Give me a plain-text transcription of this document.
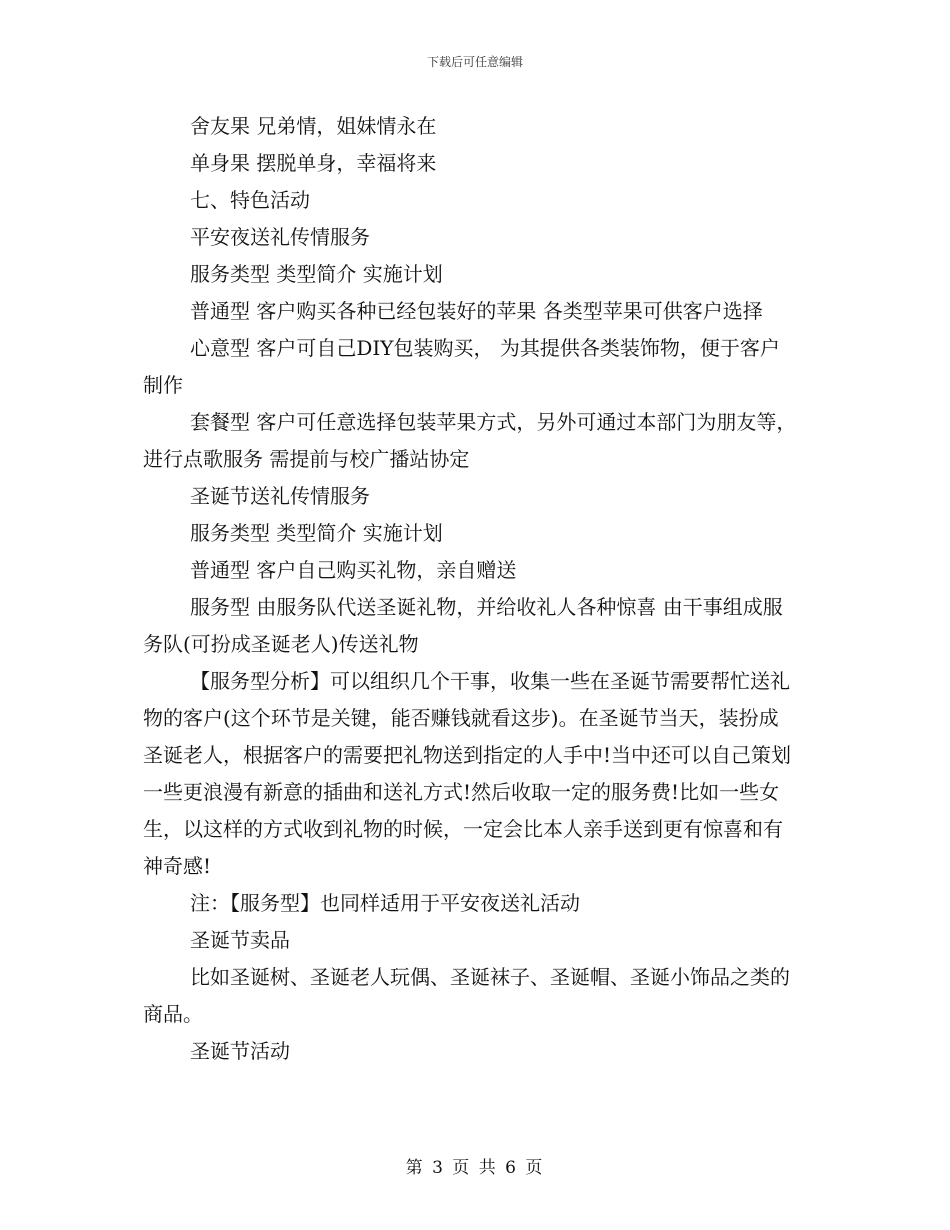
下载后可任意编辑

舍友果 兄弟情，姐妹情永在

单身果 摆脱单身，幸福将来

七、特色活动

平安夜送礼传情服务

服务类型 类型简介 实施计划

普通型 客户购买各种已经包装好的苹果 各类型苹果可供客户选择

心意型 客户可自己DIY包装购买， 为其提供各类装饰物，便于客户制作

套餐型 客户可任意选择包装苹果方式，另外可通过本部门为朋友等，进行点歌服务 需提前与校广播站协定

圣诞节送礼传情服务

服务类型 类型简介 实施计划

普通型 客户自己购买礼物，亲自赠送

服务型 由服务队代送圣诞礼物，并给收礼人各种惊喜 由干事组成服务队(可扮成圣诞老人)传送礼物

【服务型分析】可以组织几个干事，收集一些在圣诞节需要帮忙送礼物的客户(这个环节是关键，能否赚钱就看这步)。在圣诞节当天，装扮成圣诞老人，根据客户的需要把礼物送到指定的人手中!当中还可以自己策划一些更浪漫有新意的插曲和送礼方式!然后收取一定的服务费!比如一些女生，以这样的方式收到礼物的时候，一定会比本人亲手送到更有惊喜和有神奇感!

注：【服务型】也同样适用于平安夜送礼活动

圣诞节卖品

比如圣诞树、圣诞老人玩偶、圣诞袜子、圣诞帽、圣诞小饰品之类的商品。

圣诞节活动

第 3 页 共 6 页
